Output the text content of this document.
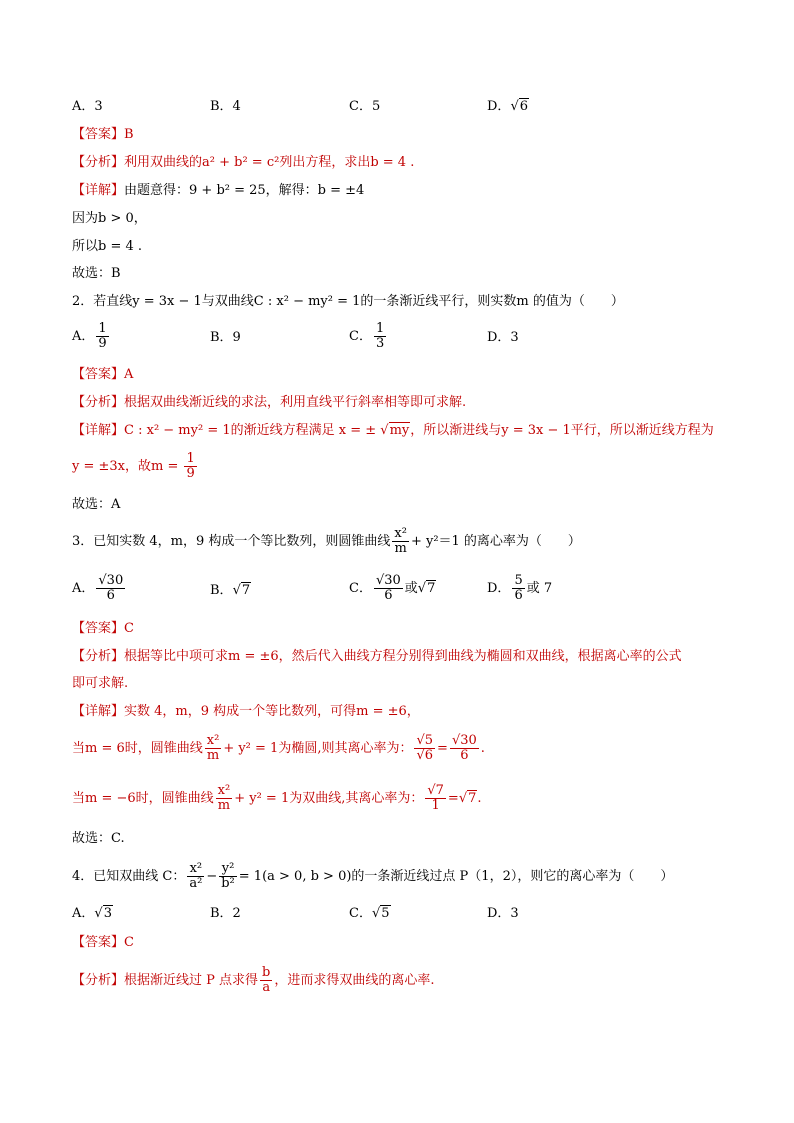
A．3	B．4	C．5	D．√6
【答案】B
【分析】利用双曲线的a² + b² = c²列出方程，求出b = 4 .
【详解】由题意得：9 + b² = 25，解得：b = ±4
因为b > 0，
所以b = 4 .
故选：B
2．若直线y = 3x − 1与双曲线C : x² − my² = 1的一条渐近线平行，则实数m 的值为（　　）
A． $\frac{1}{9}$	B．9	C． $\frac{1}{3}$	D．3
【答案】A
【分析】根据双曲线渐近线的求法，利用直线平行斜率相等即可求解.
【详解】C : x² − my² = 1的渐近线方程满足 x = ± √my，所以渐进线与y = 3x − 1平行，所以渐近线方程为
y = ±3x，故$m = \frac{1}{9}$
故选：A
3．已知实数 4，m，9 构成一个等比数列，则圆锥曲线 $\frac{\text{x²}}{m} + y^2=1$ 的离心率为（　　）
A． $\frac{√30}{6}$	B．√7	C． $\frac{√30}{6}$ 或√7	D． $\frac{5}{6}$ 或 7
【答案】C
【分析】根据等比中项可求m = ±6，然后代入曲线方程分别得到曲线为椭圆和双曲线，根据离心率的公式
即可求解.
【详解】实数 4，m，9 构成一个等比数列，可得m = ±6，
当m = 6时，圆锥曲线 $\frac{\text{x²}}{m} + y^2 = 1$为椭圆,则其离心率为： $\frac{√5}{√6} = \frac{√30}{6}$ .
当m = −6时，圆锥曲线 $\frac{\text{x²}}{m} + y^2 = 1$为双曲线,其离心率为： $\frac{√7}{1} =√7$.
故选：C.
4．已知双曲线 C： $\frac{\text{x²}}{\text{a²}} - \frac{\text{y²}}{\text{b²}} = 1(a > 0$, b > 0)的一条渐近线过点 P（1，2），则它的离心率为（　　）
A．√3	B．2	C．√5	D．3
【答案】C
【分析】根据渐近线过 P 点求得 $\frac{b}{a}$ ，进而求得双曲线的离心率.
